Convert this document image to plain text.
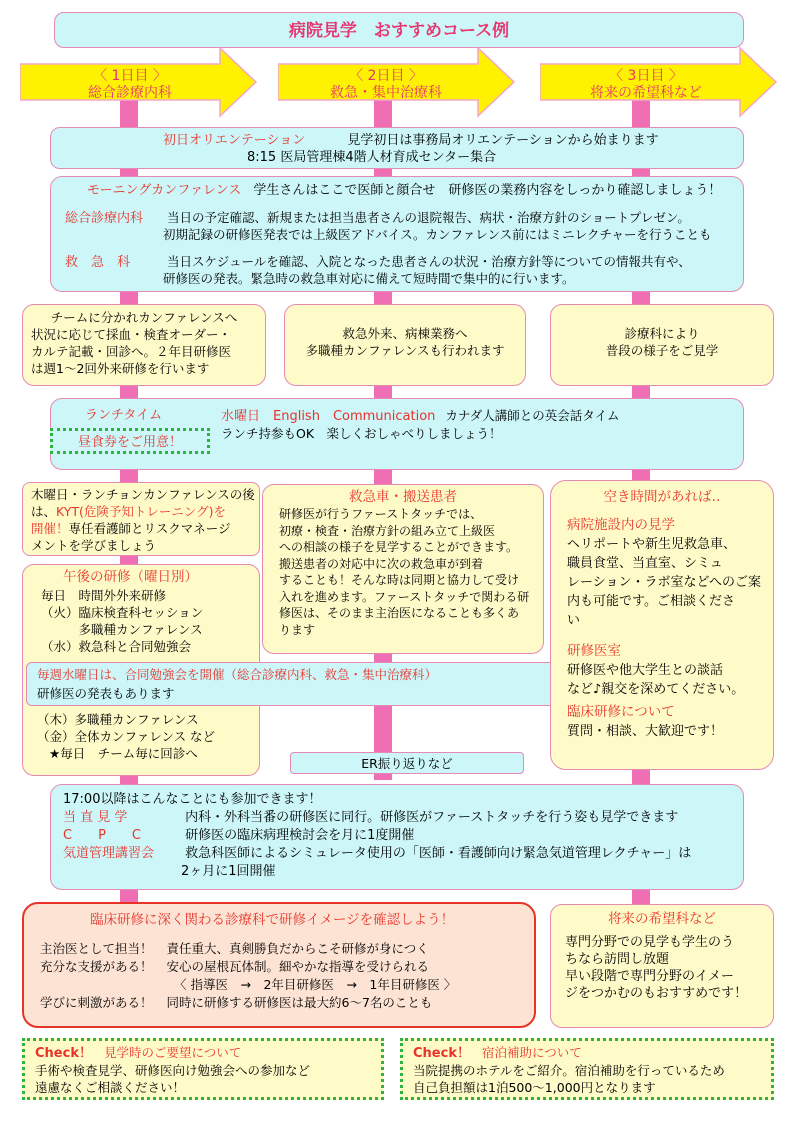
病院見学　おすすめコース例
〈 1日目 〉
総合診療内科
〈 2日目 〉
救急・集中治療科
〈 3日目 〉
将来の希望科など
初日オリエンテーション	見学初日は事務局オリエンテーションから始まります
8:15 医局管理棟4階人材育成センター集合
モーニングカンファレンス 学生さんはここで医師と顔合せ　研修医の業務内容をしっかり確認しましょう！
総合診療内科 当日の予定確認、新規または担当患者さんの退院報告、病状・治療方針のショートプレゼン。
初期記録の研修医発表では上級医アドバイス。カンファレンス前にはミニレクチャーを行うことも
救　急　科	当日スケジュールを確認、入院となった患者さんの状況・治療方針等についての情報共有や、
研修医の発表。緊急時の救急車対応に備えて短時間で集中的に行います。
チームに分かれカンファレンスへ
状況に応じて採血・検査オーダー・
カルテ記載・回診へ。２年目研修医
は週1～2回外来研修を行います
救急外来、病棟業務へ
多職種カンファレンスも行われます
診療科により
普段の様子をご見学
ランチタイム	水曜日　English　Communication カナダ人講師との英会話タイム
ランチ持参もOK　楽しくおしゃべりしましょう！
昼食券をご用意！
木曜日・ランチョンカンファレンスの後
は、KYT(危険予知トレーニング)を
開催！専任看護師とリスクマネージ
メントを学びましょう
午後の研修（曜日別）
毎日　時間外外来研修
（火）臨床検査科セッション
　　　多職種カンファレンス
（水）救急科と合同勉強会
（木）多職種カンファレンス
（金）全体カンファレンス など
★毎日　チーム毎に回診へ
救急車・搬送患者
研修医が行うファーストタッチでは、
初療・検査・治療方針の組み立て上級医
への相談の様子を見学することができます。
搬送患者の対応中に次の救急車が到着
することも！そんな時は同期と協力して受け
入れを進めます。ファーストタッチで関わる研
修医は、そのまま主治医になることも多くあ
ります
毎週水曜日は、合同勉強会を開催（総合診療内科、救急・集中治療科）
研修医の発表もあります
ER振り返りなど
空き時間があれば‥
病院施設内の見学
ヘリポートや新生児救急車、
職員食堂、当直室、シミュ
レーション・ラボ室などへのご案
内も可能です。ご相談くださ
い
研修医室
研修医や他大学生との談話
など♪親交を深めてください。
臨床研修について
質問・相談、大歓迎です！
17:00以降はこんなことにも参加できます！
当 直 見 学	内科・外科当番の研修医に同行。研修医がファーストタッチを行う姿も見学できます
C　　P　　C	研修医の臨床病理検討会を月に1度開催
気道管理講習会 救急科医師によるシミュレータ使用の「医師・看護師向け緊急気道管理レクチャー」は
2ヶ月に1回開催
臨床研修に深く関わる診療科で研修イメージを確認しよう！
主治医として担当！ 責任重大、真剣勝負だからこそ研修が身につく
充分な支援がある！ 安心の屋根瓦体制。細やかな指導を受けられる
〈 指導医　→　2年目研修医　→　1年目研修医 〉
学びに刺激がある！ 同時に研修する研修医は最大約6～7名のことも
将来の希望科など
専門分野での見学も学生のう
ちなら訪問し放題
早い段階で専門分野のイメー
ジをつかむのもおすすめです！
Check！ 見学時のご要望について
手術や検査見学、研修医向け勉強会への参加など
遠慮なくご相談ください！
Check！ 宿泊補助について
当院提携のホテルをご紹介。宿泊補助を行っているため
自己負担額は1泊500～1,000円となります
